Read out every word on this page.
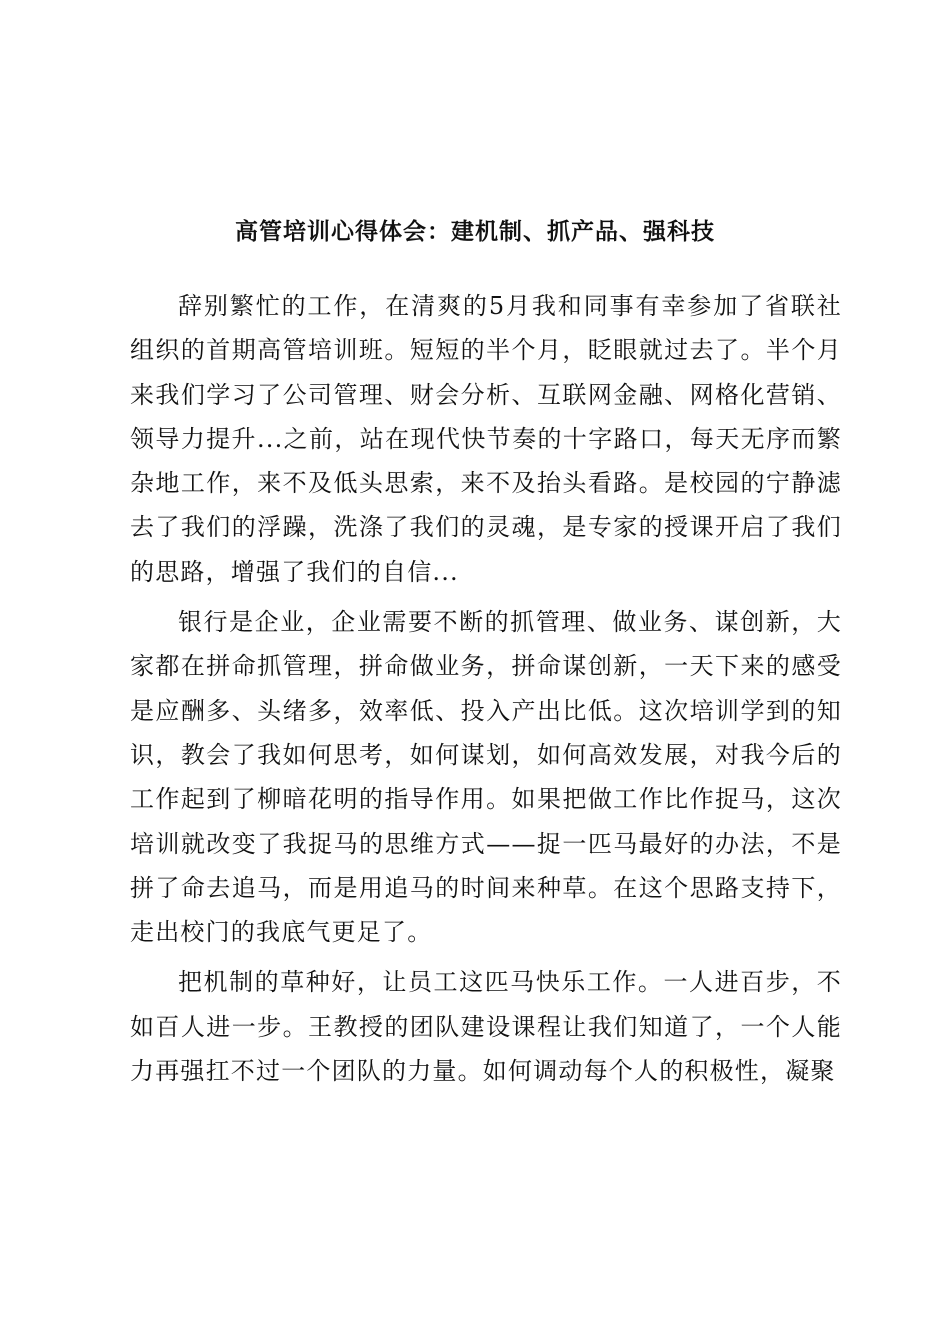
高管培训心得体会：建机制、抓产品、强科技

辞别繁忙的工作，在清爽的5月我和同事有幸参加了省联社组织的首期高管培训班。短短的半个月，眨眼就过去了。半个月来我们学习了公司管理、财会分析、互联网金融、网格化营销、领导力提升...之前，站在现代快节奏的十字路口，每天无序而繁杂地工作，来不及低头思索，来不及抬头看路。是校园的宁静滤去了我们的浮躁，洗涤了我们的灵魂，是专家的授课开启了我们的思路，增强了我们的自信...

银行是企业，企业需要不断的抓管理、做业务、谋创新，大家都在拼命抓管理，拼命做业务，拼命谋创新，一天下来的感受是应酬多、头绪多，效率低、投入产出比低。这次培训学到的知识，教会了我如何思考，如何谋划，如何高效发展，对我今后的工作起到了柳暗花明的指导作用。如果把做工作比作捉马，这次培训就改变了我捉马的思维方式——捉一匹马最好的办法，不是拼了命去追马，而是用追马的时间来种草。在这个思路支持下，走出校门的我底气更足了。

把机制的草种好，让员工这匹马快乐工作。一人进百步，不如百人进一步。王教授的团队建设课程让我们知道了，一个人能力再强扛不过一个团队的力量。如何调动每个人的积极性，凝聚
